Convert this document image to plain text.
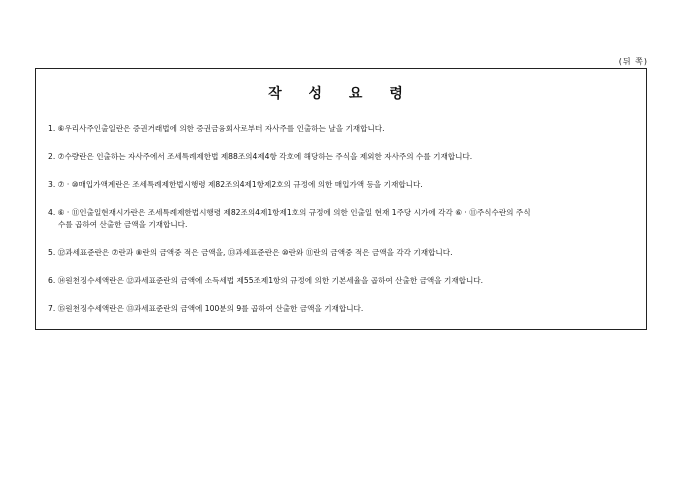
(뒤 쪽)
작 성 요 령
1. ⑥우리사주인출일란은 증권거래법에 의한 증권금융회사로부터 자사주를 인출하는 날을 기재합니다.
2. ⑦수량란은 인출하는 자사주에서 조세특례제한법 제88조의4제4항 각호에 해당하는 주식을 제외한 자사주의 수를 기재합니다.
3. ⑦ · ⑩매입가액계란은 조세특례제한법시행령 제82조의4제1항제2호의 규정에 의한 매입가액 등을 기재합니다.
4. ⑥ · ⑪인출일현재시가란은 조세특례제한법시행령 제82조의4제1항제1호의 규정에 의한 인출일 현재 1주당 시가에 각각 ⑥ · ⑪주식수란의 주식
수를 곱하여 산출한 금액을 기재합니다.
5. ⑫과세표준란은 ⑦란과 ⑧란의 금액중 적은 금액을, ⑬과세표준란은 ⑩란와 ⑪란의 금액중 적은 금액을 각각 기재합니다.
6. ⑭원천징수세액란은 ⑫과세표준란의 금액에 소득세법 제55조제1항의 규정에 의한 기본세율을 곱하여 산출한 금액을 기재합니다.
7. ⑮원천징수세액란은 ⑬과세표준란의 금액에 100분의 9를 곱하여 산출한 금액을 기재합니다.
